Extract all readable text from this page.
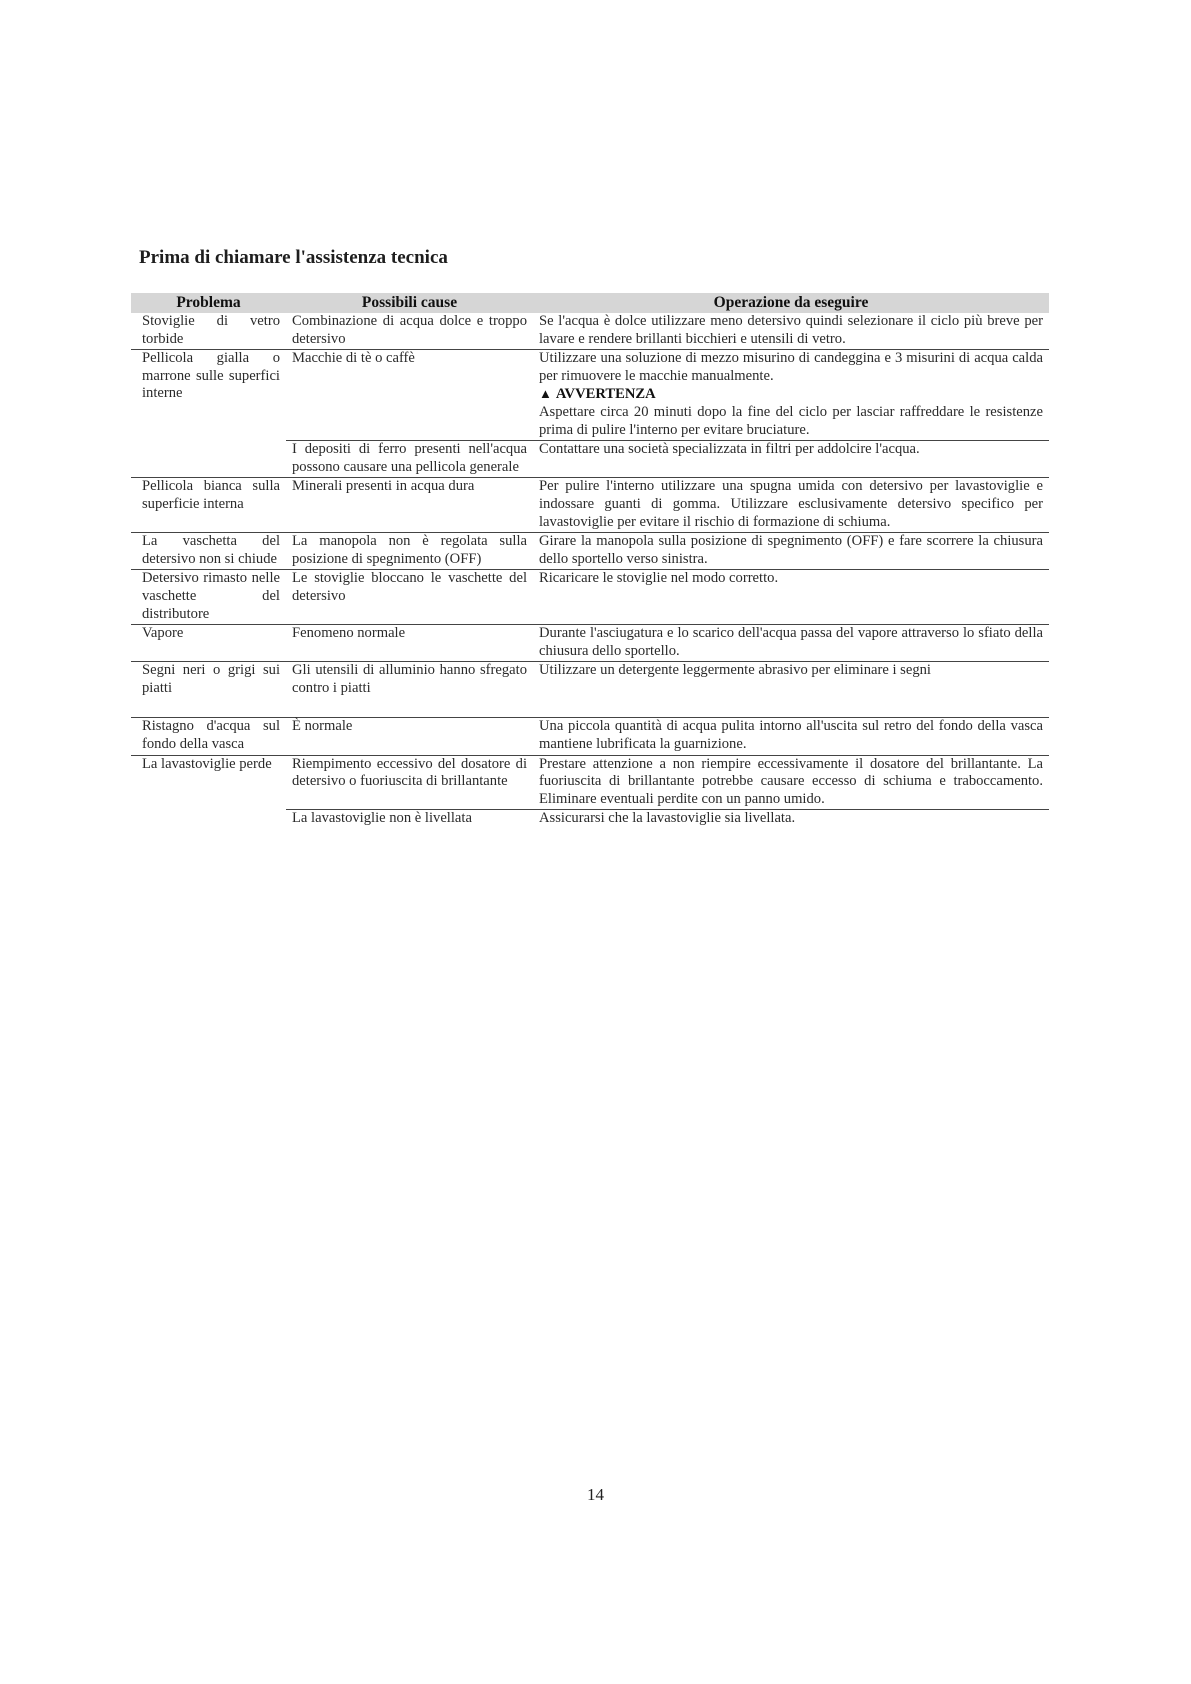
Prima di chiamare l'assistenza tecnica
Problema	Possibili cause	Operazione da eseguire
Stoviglie di vetro torbide	Combinazione di acqua dolce e troppo detersivo	Se l'acqua è dolce utilizzare meno detersivo quindi selezionare il ciclo più breve per lavare e rendere brillanti bicchieri e utensili di vetro.
Pellicola gialla o marrone sulle superfici interne	Macchie di tè o caffè	Utilizzare una soluzione di mezzo misurino di candeggina e 3 misurini di acqua calda per rimuovere le macchie manualmente.
▲ AVVERTENZA
Aspettare circa 20 minuti dopo la fine del ciclo per lasciar raffreddare le resistenze prima di pulire l'interno per evitare bruciature.
	I depositi di ferro presenti nell'acqua possono causare una pellicola generale	Contattare una società specializzata in filtri per addolcire l'acqua.
Pellicola bianca sulla superficie interna	Minerali presenti in acqua dura	Per pulire l'interno utilizzare una spugna umida con detersivo per lavastoviglie e indossare guanti di gomma. Utilizzare esclusivamente detersivo specifico per lavastoviglie per evitare il rischio di formazione di schiuma.
La vaschetta del detersivo non si chiude	La manopola non è regolata sulla posizione di spegnimento (OFF)	Girare la manopola sulla posizione di spegnimento (OFF) e fare scorrere la chiusura dello sportello verso sinistra.
Detersivo rimasto nelle vaschette del distributore	Le stoviglie bloccano le vaschette del detersivo	Ricaricare le stoviglie nel modo corretto.
Vapore	Fenomeno normale	Durante l'asciugatura e lo scarico dell'acqua passa del vapore attraverso lo sfiato della chiusura dello sportello.
Segni neri o grigi sui piatti	Gli utensili di alluminio hanno sfregato contro i piatti	Utilizzare un detergente leggermente abrasivo per eliminare i segni

Ristagno d'acqua sul fondo della vasca	È normale	Una piccola quantità di acqua pulita intorno all'uscita sul retro del fondo della vasca mantiene lubrificata la guarnizione.
La lavastoviglie perde	Riempimento eccessivo del dosatore di detersivo o fuoriuscita di brillantante	Prestare attenzione a non riempire eccessivamente il dosatore del brillantante. La fuoriuscita di brillantante potrebbe causare eccesso di schiuma e traboccamento. Eliminare eventuali perdite con un panno umido.
	La lavastoviglie non è livellata	Assicurarsi che la lavastoviglie sia livellata.
14
